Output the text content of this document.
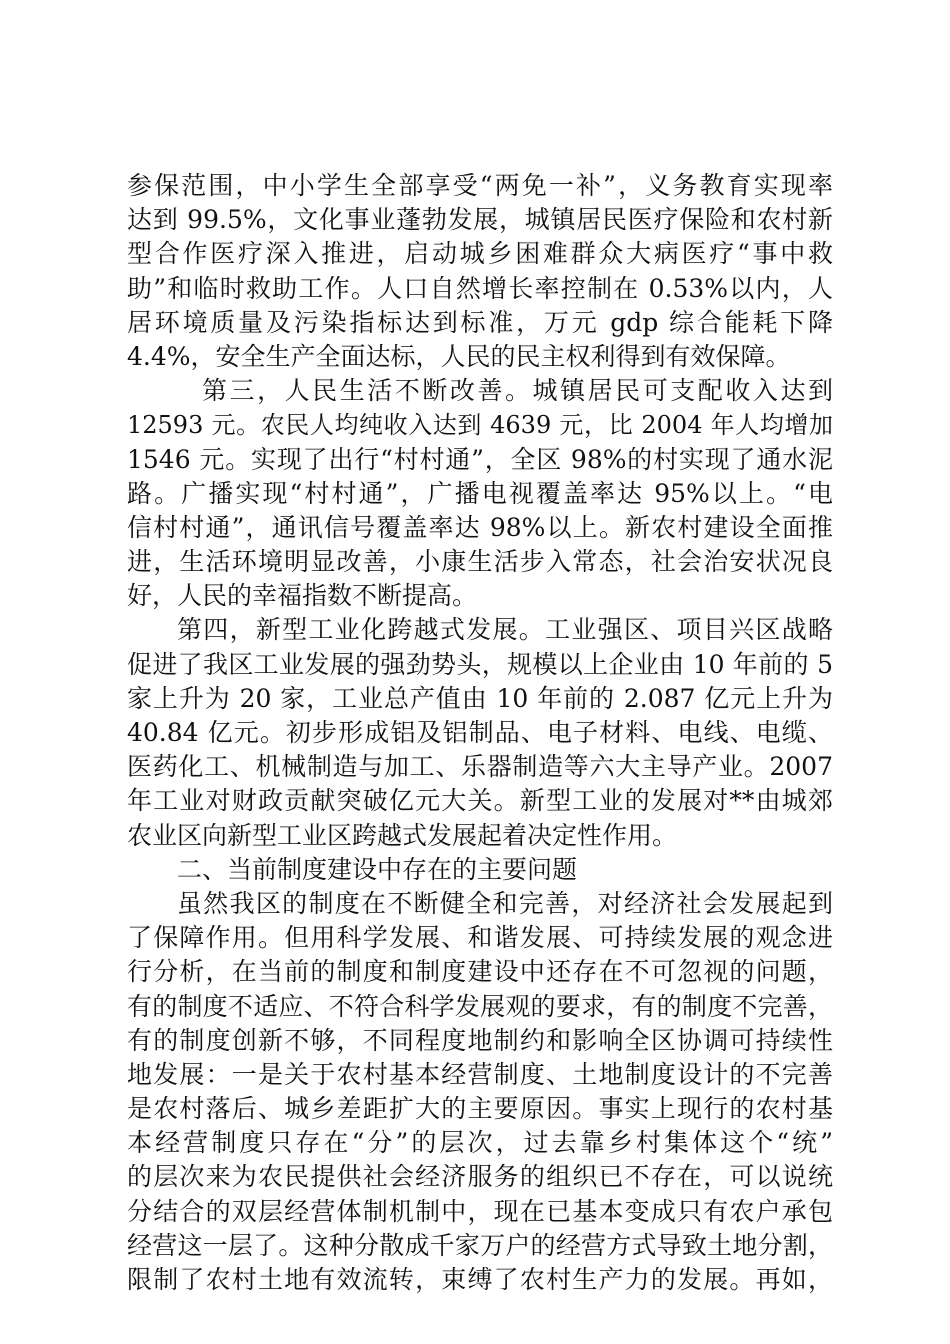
参保范围，中小学生全部享受“两免一补”，义务教育实现率
达到 99.5%，文化事业蓬勃发展，城镇居民医疗保险和农村新
型合作医疗深入推进，启动城乡困难群众大病医疗“事中救
助”和临时救助工作。人口自然增长率控制在 0.53%以内，人
居环境质量及污染指标达到标准，万元 gdp 综合能耗下降
4.4%，安全生产全面达标，人民的民主权利得到有效保障。
第三，人民生活不断改善。城镇居民可支配收入达到
12593 元。农民人均纯收入达到 4639 元，比 2004 年人均增加
1546 元。实现了出行“村村通”，全区 98%的村实现了通水泥
路。广播实现“村村通”，广播电视覆盖率达 95%以上。“电
信村村通”，通讯信号覆盖率达 98%以上。新农村建设全面推
进，生活环境明显改善，小康生活步入常态，社会治安状况良
好，人民的幸福指数不断提高。
第四，新型工业化跨越式发展。工业强区、项目兴区战略
促进了我区工业发展的强劲势头，规模以上企业由 10 年前的 5
家上升为 20 家，工业总产值由 10 年前的 2.087 亿元上升为
40.84 亿元。初步形成铝及铝制品、电子材料、电线、电缆、
医药化工、机械制造与加工、乐器制造等六大主导产业。2007
年工业对财政贡献突破亿元大关。新型工业的发展对**由城郊
农业区向新型工业区跨越式发展起着决定性作用。
二、当前制度建设中存在的主要问题
虽然我区的制度在不断健全和完善，对经济社会发展起到
了保障作用。但用科学发展、和谐发展、可持续发展的观念进
行分析，在当前的制度和制度建设中还存在不可忽视的问题，
有的制度不适应、不符合科学发展观的要求，有的制度不完善，
有的制度创新不够，不同程度地制约和影响全区协调可持续性
地发展：一是关于农村基本经营制度、土地制度设计的不完善
是农村落后、城乡差距扩大的主要原因。事实上现行的农村基
本经营制度只存在“分”的层次，过去靠乡村集体这个“统”
的层次来为农民提供社会经济服务的组织已不存在，可以说统
分结合的双层经营体制机制中，现在已基本变成只有农户承包
经营这一层了。这种分散成千家万户的经营方式导致土地分割，
限制了农村土地有效流转，束缚了农村生产力的发展。再如，
